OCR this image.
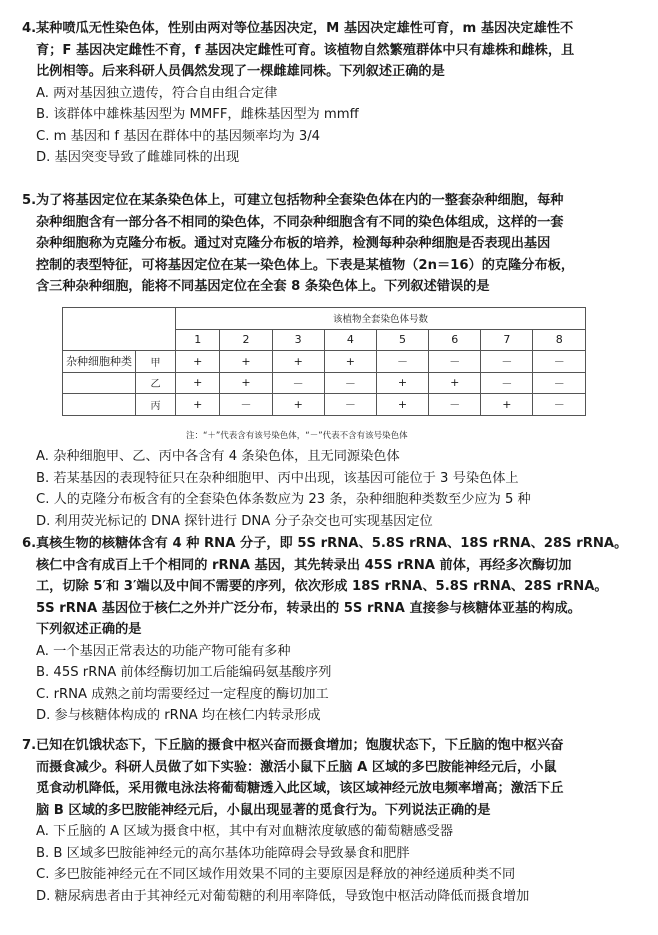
4.某种喷瓜无性染色体，性别由两对等位基因决定，M 基因决定雄性可育，m 基因决定雄性不
育；F 基因决定雌性不育，f 基因决定雌性可育。该植物自然繁殖群体中只有雄株和雌株，且
比例相等。后来科研人员偶然发现了一棵雌雄同株。下列叙述正确的是
A. 两对基因独立遗传，符合自由组合定律
B. 该群体中雄株基因型为 MMFF，雌株基因型为 mmff
C. m 基因和 f 基因在群体中的基因频率均为 3/4
D. 基因突变导致了雌雄同株的出现
5.为了将基因定位在某条染色体上，可建立包括物种全套染色体在内的一整套杂种细胞，每种
杂种细胞含有一部分各不相同的染色体，不同杂种细胞含有不同的染色体组成，这样的一套
杂种细胞称为克隆分布板。通过对克隆分布板的培养，检测每种杂种细胞是否表现出基因
控制的表型特征，可将基因定位在某一染色体上。下表是某植物（2n＝16）的克隆分布板，
含三种杂种细胞，能将不同基因定位在全套 8 条染色体上。下列叙述错误的是
	该植物全套染色体号数							
	1	2	3	4	5	6	7	8

杂种细胞种类 甲	+	+	+	+	－	－	－	－

乙	+	+	－	－	+	+	－	－

丙	+	－	+	－	+	－	+	－
注：“＋”代表含有该号染色体，“－”代表不含有该号染色体
A. 杂种细胞甲、乙、丙中各含有 4 条染色体，且无同源染色体
B. 若某基因的表现特征只在杂种细胞甲、丙中出现，该基因可能位于 3 号染色体上
C. 人的克隆分布板含有的全套染色体条数应为 23 条，杂种细胞种类数至少应为 5 种
D. 利用荧光标记的 DNA 探针进行 DNA 分子杂交也可实现基因定位
6.真核生物的核糖体含有 4 种 RNA 分子，即 5S rRNA、5.8S rRNA、18S rRNA、28S rRNA。
核仁中含有成百上千个相同的 rRNA 基因，其先转录出 45S rRNA 前体，再经多次酶切加
工，切除 5′和 3′端以及中间不需要的序列，依次形成 18S rRNA、5.8S rRNA、28S rRNA。
5S rRNA 基因位于核仁之外并广泛分布，转录出的 5S rRNA 直接参与核糖体亚基的构成。
下列叙述正确的是
A. 一个基因正常表达的功能产物可能有多种
B. 45S rRNA 前体经酶切加工后能编码氨基酸序列
C. rRNA 成熟之前均需要经过一定程度的酶切加工
D. 参与核糖体构成的 rRNA 均在核仁内转录形成
7.已知在饥饿状态下，下丘脑的摄食中枢兴奋而摄食增加；饱腹状态下，下丘脑的饱中枢兴奋
而摄食减少。科研人员做了如下实验：激活小鼠下丘脑 A 区域的多巴胺能神经元后，小鼠
觅食动机降低，采用微电泳法将葡萄糖透入此区域，该区域神经元放电频率增高；激活下丘
脑 B 区域的多巴胺能神经元后，小鼠出现显著的觅食行为。下列说法正确的是
A. 下丘脑的 A 区域为摄食中枢，其中有对血糖浓度敏感的葡萄糖感受器
B. B 区域多巴胺能神经元的高尔基体功能障碍会导致暴食和肥胖
C. 多巴胺能神经元在不同区域作用效果不同的主要原因是释放的神经递质种类不同
D. 糖尿病患者由于其神经元对葡萄糖的利用率降低，导致饱中枢活动降低而摄食增加
